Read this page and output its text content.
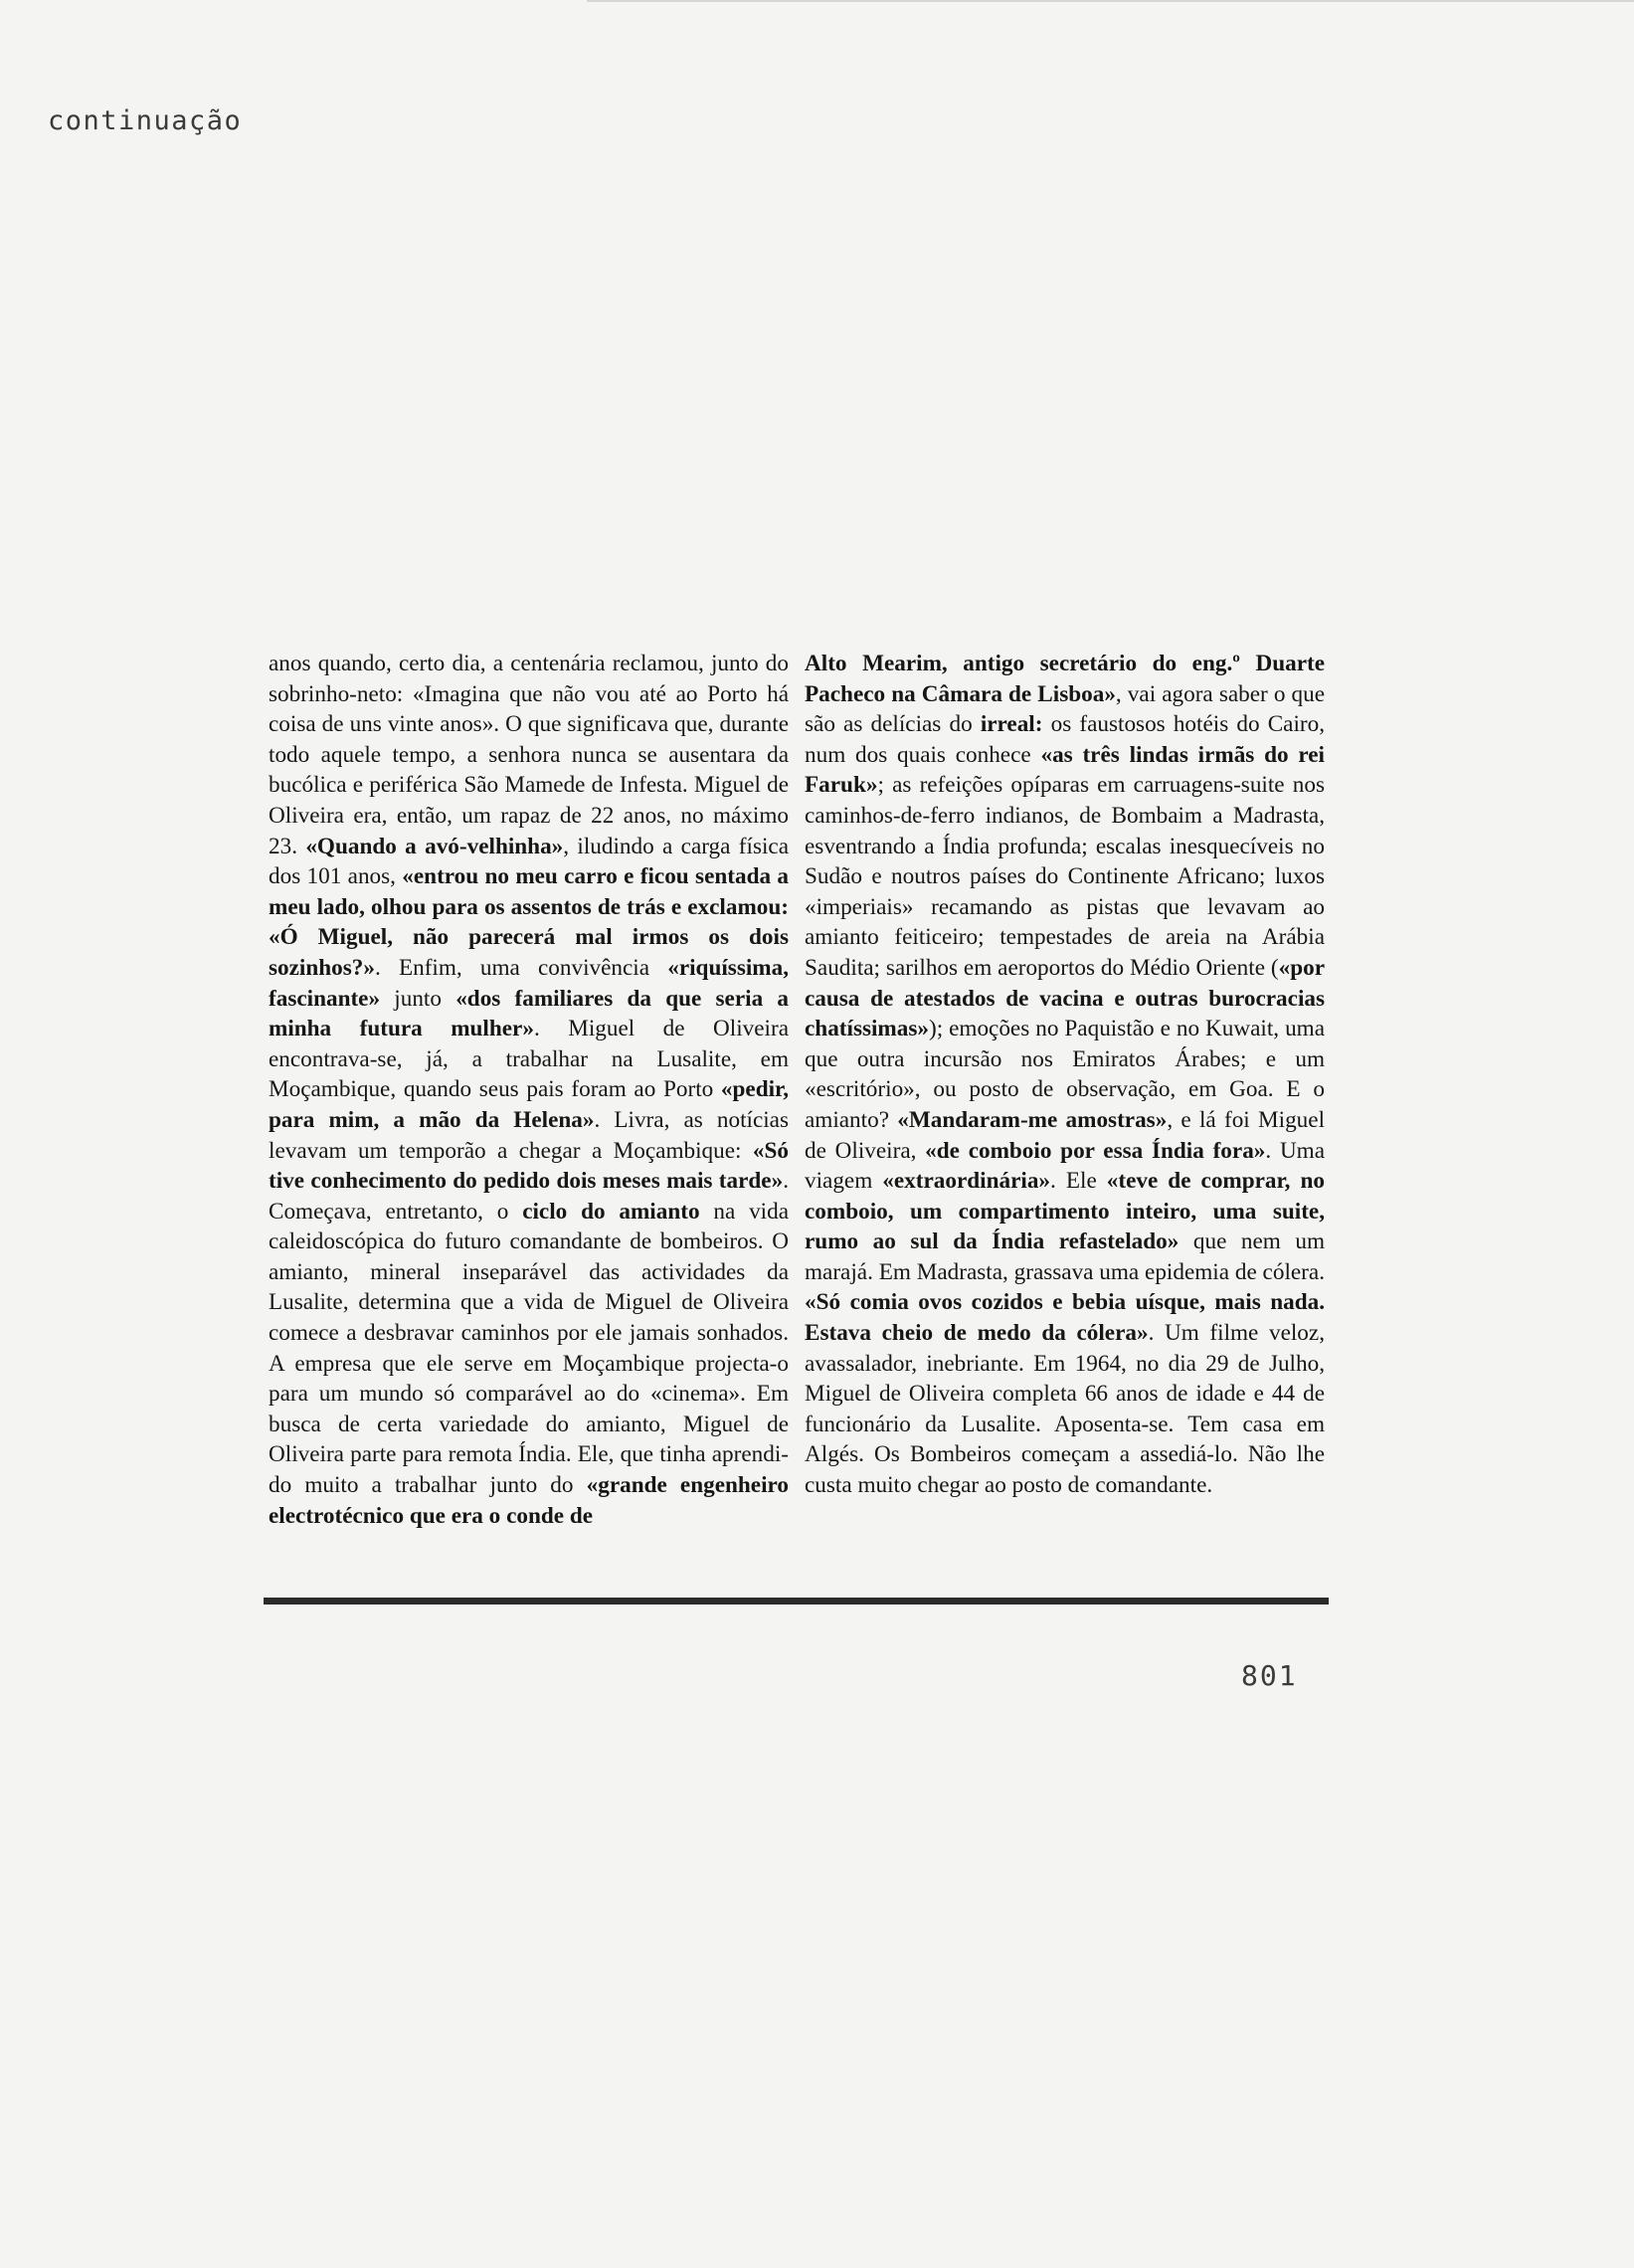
continuação

anos quando, certo dia, a centenária reclamou, junto do sobrinho-neto: «Imagina que não vou até ao Porto há coisa de uns vinte anos». O que significava que, durante todo aquele tempo, a senhora nunca se ausentara da bucólica e periférica São Mamede de Infesta. Miguel de Oliveira era, então, um rapaz de 22 anos, no máximo 23. «Quando a avó-velhinha», iludindo a carga física dos 101 anos, «entrou no meu carro e ficou sentada a meu lado, olhou para os assentos de trás e exclamou: «Ó Miguel, não parecerá mal irmos os dois sozinhos?». Enfim, uma convivência «riquíssima, fascinante» junto «dos familiares da que seria a minha futura mulher». Miguel de Oliveira encontrava-se, já, a trabalhar na Lusalite, em Moçambique, quando seus pais foram ao Porto «pedir, para mim, a mão da Helena». Livra, as notícias levavam um temporão a chegar a Moçambique: «Só tive conhecimento do pedido dois meses mais tarde». Começava, entretanto, o ciclo do amianto na vida caleidoscópica do futuro comandante de bombeiros. O amianto, mineral inseparável das actividades da Lusalite, determina que a vida de Miguel de Oliveira comece a desbravar caminhos por ele jamais sonhados. A empresa que ele serve em Moçambique projecta-o para um mundo só comparável ao do «cinema». Em busca de certa variedade do amianto, Miguel de Oliveira parte para remota Índia. Ele, que tinha aprendido muito a trabalhar junto do «grande engenheiro electrotécnico que era o conde de

Alto Mearim, antigo secretário do eng.º Duarte Pacheco na Câmara de Lisboa», vai agora saber o que são as delícias do irreal: os faustosos hotéis do Cairo, num dos quais conhece «as três lindas irmãs do rei Faruk»; as refeições opíparas em carruagens-suite nos caminhos-de-ferro indianos, de Bombaim a Madrasta, esventrando a Índia profunda; escalas inesquecíveis no Sudão e noutros países do Continente Africano; luxos «imperiais» recamando as pistas que levavam ao amianto feiticeiro; tempestades de areia na Arábia Saudita; sarilhos em aeroportos do Médio Oriente («por causa de atestados de vacina e outras burocracias chatíssimas»); emoções no Paquistão e no Kuwait, uma que outra incursão nos Emiratos Árabes; e um «escritório», ou posto de observação, em Goa. E o amianto? «Mandaram-me amostras», e lá foi Miguel de Oliveira, «de comboio por essa Índia fora». Uma viagem «extraordinária». Ele «teve de comprar, no comboio, um compartimento inteiro, uma suite, rumo ao sul da Índia refastelado» que nem um marajá. Em Madrasta, grassava uma epidemia de cólera. «Só comia ovos cozidos e bebia uísque, mais nada. Estava cheio de medo da cólera». Um filme veloz, avassalador, inebriante. Em 1964, no dia 29 de Julho, Miguel de Oliveira completa 66 anos de idade e 44 de funcionário da Lusalite. Aposenta-se. Tem casa em Algés. Os Bombeiros começam a assediá-lo. Não lhe custa muito chegar ao posto de comandante.

801
